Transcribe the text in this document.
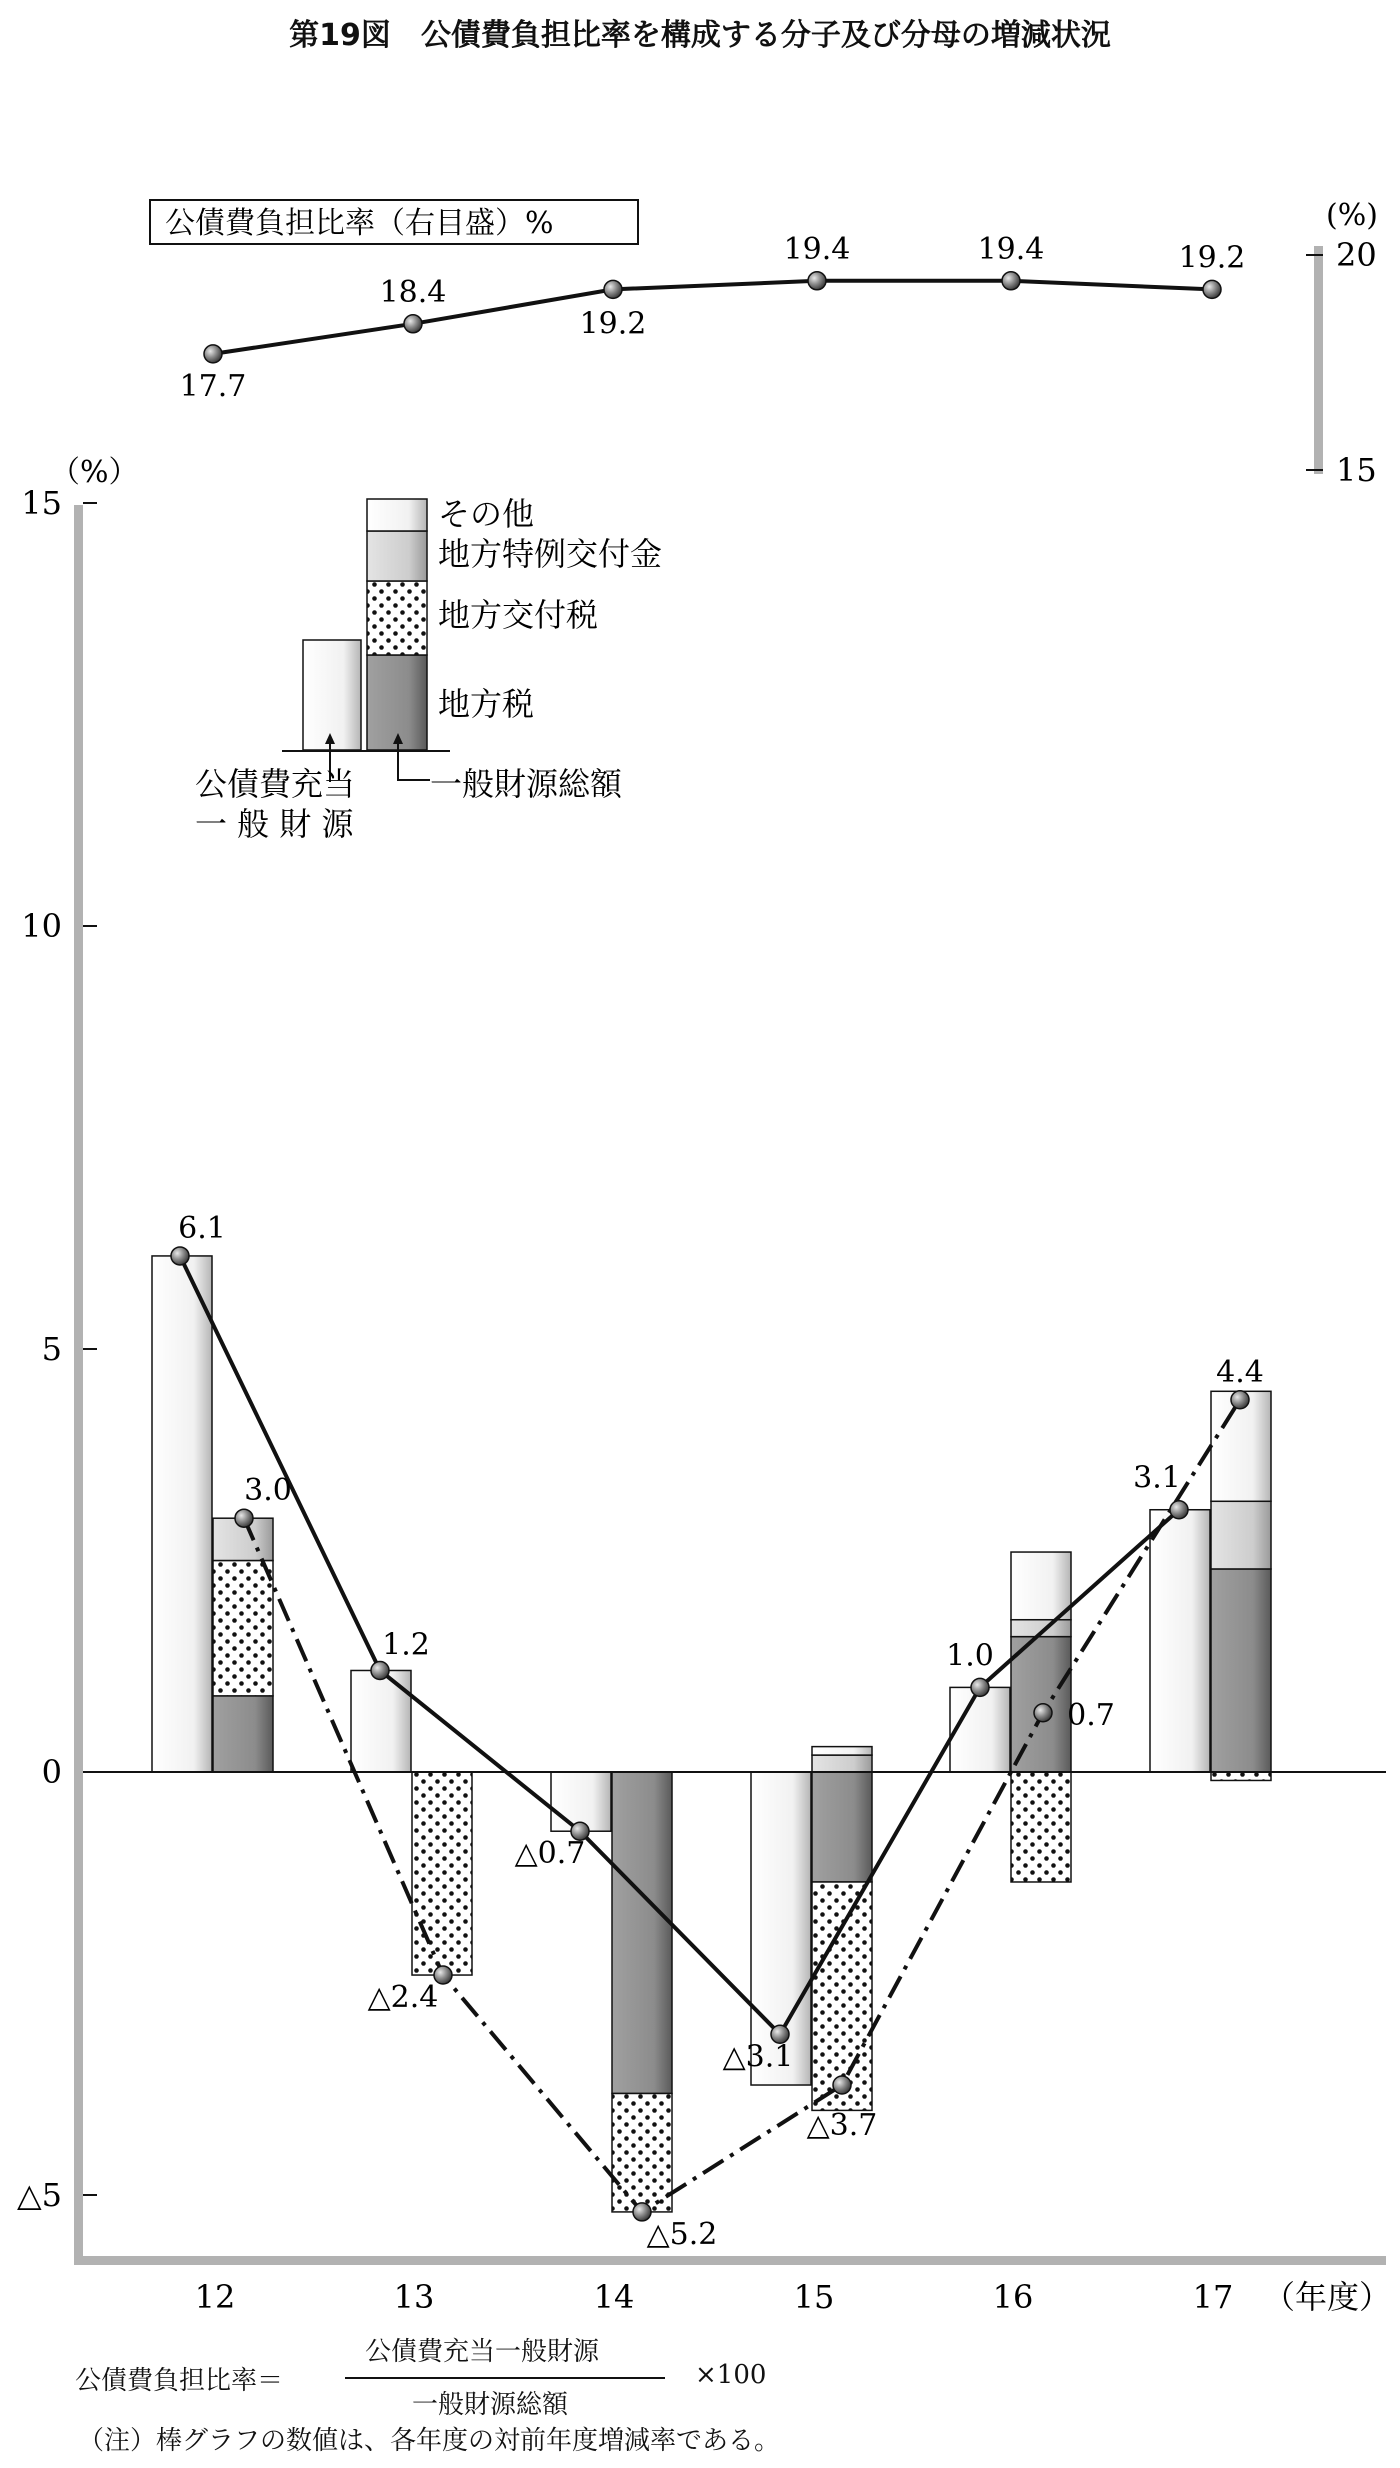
第19図　公債費負担比率を構成する分子及び分母の増減状況
15
10
5
0
△5
20
15
17.7
18.4
19.2
19.4	19.4	19.2
6.1
1.2
△0.7
△3.1
1.0
3.1
3.0
△2.4
△5.2
△3.7
0.7
4.4
12	13	14	15	16	17
公債費負担比率（右目盛）%
その他
地方特例交付金
地方交付税
地方税
公債費充当
一 般 財 源
一般財源総額
（%）
(%)
（年度）
公債費負担比率＝
公債費充当一般財源
一般財源総額
×100
（注）棒グラフの数値は、各年度の対前年度増減率である。
